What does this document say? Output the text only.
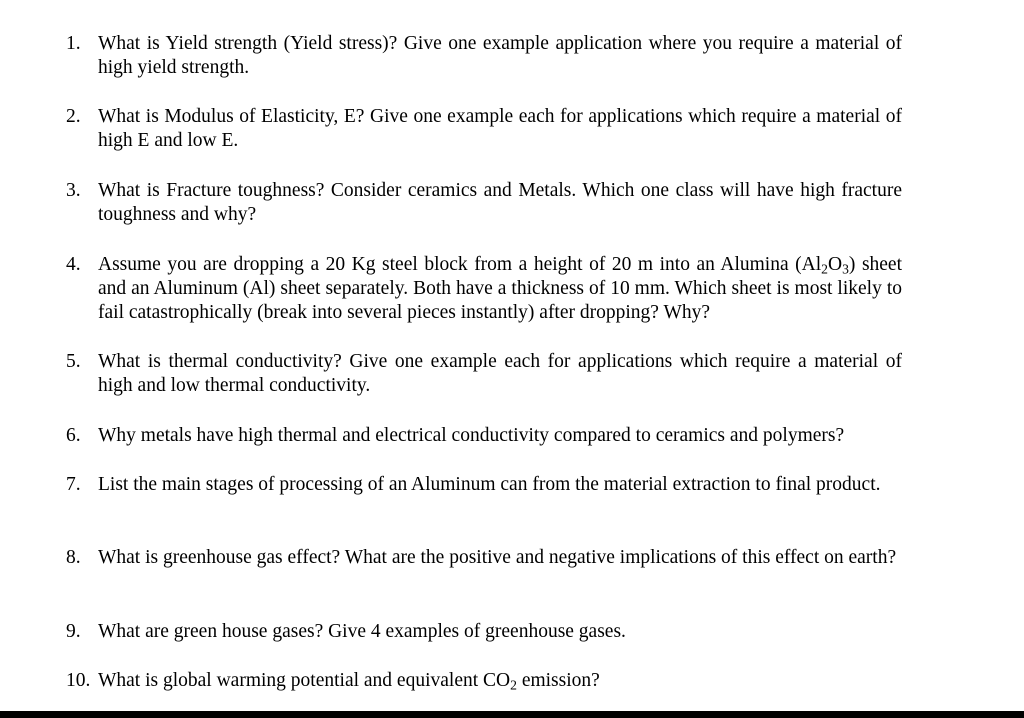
1. What is Yield strength (Yield stress)? Give one example application where you require a material of high yield strength.
2. What is Modulus of Elasticity, E? Give one example each for applications which require a material of high E and low E.
3. What is Fracture toughness? Consider ceramics and Metals. Which one class will have high fracture toughness and why?
4. Assume you are dropping a 20 Kg steel block from a height of 20 m into an Alumina $(Al_2O_3)$ sheet and an Aluminum (Al) sheet separately. Both have a thickness of 10 mm. Which sheet is most likely to fail catastrophically (break into several pieces instantly) after dropping? Why?
5. What is thermal conductivity? Give one example each for applications which require a material of high and low thermal conductivity.
6. Why metals have high thermal and electrical conductivity compared to ceramics and polymers?
7. List the main stages of processing of an Aluminum can from the material extraction to final product.
8. What is greenhouse gas effect? What are the positive and negative implications of this effect on earth?
9. What are green house gases? Give 4 examples of greenhouse gases.
10. What is global warming potential and equivalent $CO_2$ emission?
